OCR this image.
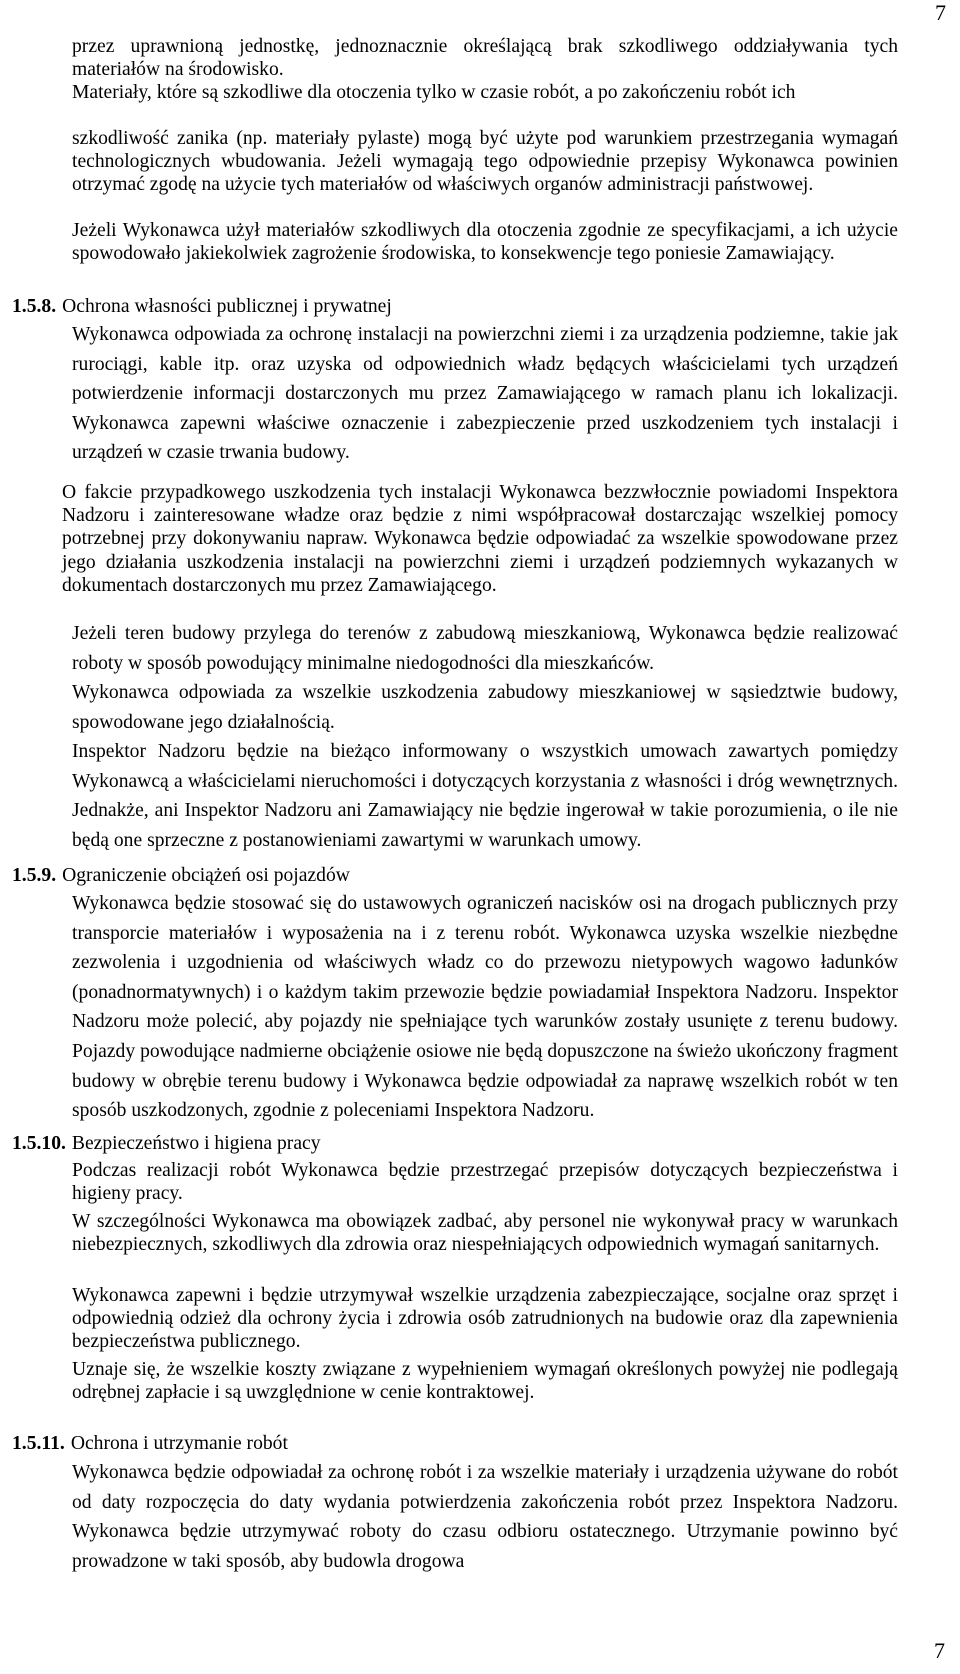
7

przez uprawnioną jednostkę, jednoznacznie określającą brak szkodliwego oddziaływania tych materiałów na środowisko.

Materiały, które są szkodliwe dla otoczenia tylko w czasie robót, a po zakończeniu robót ich

szkodliwość zanika (np. materiały pylaste) mogą być użyte pod warunkiem przestrzegania wymagań technologicznych wbudowania. Jeżeli wymagają tego odpowiednie przepisy Wykonawca powinien otrzymać zgodę na użycie tych materiałów od właściwych organów administracji państwowej.

Jeżeli Wykonawca użył materiałów szkodliwych dla otoczenia zgodnie ze specyfikacjami, a ich użycie spowodowało jakiekolwiek zagrożenie środowiska, to konsekwencje tego poniesie Zamawiający.

1.5.8. Ochrona własności publicznej i prywatnej

Wykonawca odpowiada za ochronę instalacji na powierzchni ziemi i za urządzenia podziemne, takie jak rurociągi, kable itp. oraz uzyska od odpowiednich władz będących właścicielami tych urządzeń potwierdzenie informacji dostarczonych mu przez Zamawiającego w ramach planu ich lokalizacji. Wykonawca zapewni właściwe oznaczenie i zabezpieczenie przed uszkodzeniem tych instalacji i urządzeń w czasie trwania budowy.

O fakcie przypadkowego uszkodzenia tych instalacji Wykonawca bezzwłocznie powiadomi Inspektora Nadzoru i zainteresowane władze oraz będzie z nimi współpracował dostarczając wszelkiej pomocy potrzebnej przy dokonywaniu napraw. Wykonawca będzie odpowiadać za wszelkie spowodowane przez jego działania uszkodzenia instalacji na powierzchni ziemi i urządzeń podziemnych wykazanych w dokumentach dostarczonych mu przez Zamawiającego.

Jeżeli teren budowy przylega do terenów z zabudową mieszkaniową, Wykonawca będzie realizować roboty w sposób powodujący minimalne niedogodności dla mieszkańców.

Wykonawca odpowiada za wszelkie uszkodzenia zabudowy mieszkaniowej w sąsiedztwie budowy, spowodowane jego działalnością.

Inspektor Nadzoru będzie na bieżąco informowany o wszystkich umowach zawartych pomiędzy Wykonawcą a właścicielami nieruchomości i dotyczących korzystania z własności i dróg wewnętrznych. Jednakże, ani Inspektor Nadzoru ani Zamawiający nie będzie ingerował w takie porozumienia, o ile nie będą one sprzeczne z postanowieniami zawartymi w warunkach umowy.

1.5.9. Ograniczenie obciążeń osi pojazdów

Wykonawca będzie stosować się do ustawowych ograniczeń nacisków osi na drogach publicznych przy transporcie materiałów i wyposażenia na i z terenu robót. Wykonawca uzyska wszelkie niezbędne zezwolenia i uzgodnienia od właściwych władz co do przewozu nietypowych wagowo ładunków (ponadnormatywnych) i o każdym takim przewozie będzie powiadamiał Inspektora Nadzoru. Inspektor Nadzoru może polecić, aby pojazdy nie spełniające tych warunków zostały usunięte z terenu budowy. Pojazdy powodujące nadmierne obciążenie osiowe nie będą dopuszczone na świeżo ukończony fragment budowy w obrębie terenu budowy i Wykonawca będzie odpowiadał za naprawę wszelkich robót w ten sposób uszkodzonych, zgodnie z poleceniami Inspektora Nadzoru.

1.5.10. Bezpieczeństwo i higiena pracy

Podczas realizacji robót Wykonawca będzie przestrzegać przepisów dotyczących bezpieczeństwa i higieny pracy.

W szczególności Wykonawca ma obowiązek zadbać, aby personel nie wykonywał pracy w warunkach niebezpiecznych, szkodliwych dla zdrowia oraz niespełniających odpowiednich wymagań sanitarnych.

Wykonawca zapewni i będzie utrzymywał wszelkie urządzenia zabezpieczające, socjalne oraz sprzęt i odpowiednią odzież dla ochrony życia i zdrowia osób zatrudnionych na budowie oraz dla zapewnienia bezpieczeństwa publicznego.

Uznaje się, że wszelkie koszty związane z wypełnieniem wymagań określonych powyżej nie podlegają odrębnej zapłacie i są uwzględnione w cenie kontraktowej.

1.5.11. Ochrona i utrzymanie robót

Wykonawca będzie odpowiadał za ochronę robót i za wszelkie materiały i urządzenia używane do robót od daty rozpoczęcia do daty wydania potwierdzenia zakończenia robót przez Inspektora Nadzoru. Wykonawca będzie utrzymywać roboty do czasu odbioru ostatecznego. Utrzymanie powinno być prowadzone w taki sposób, aby budowla drogowa

7
